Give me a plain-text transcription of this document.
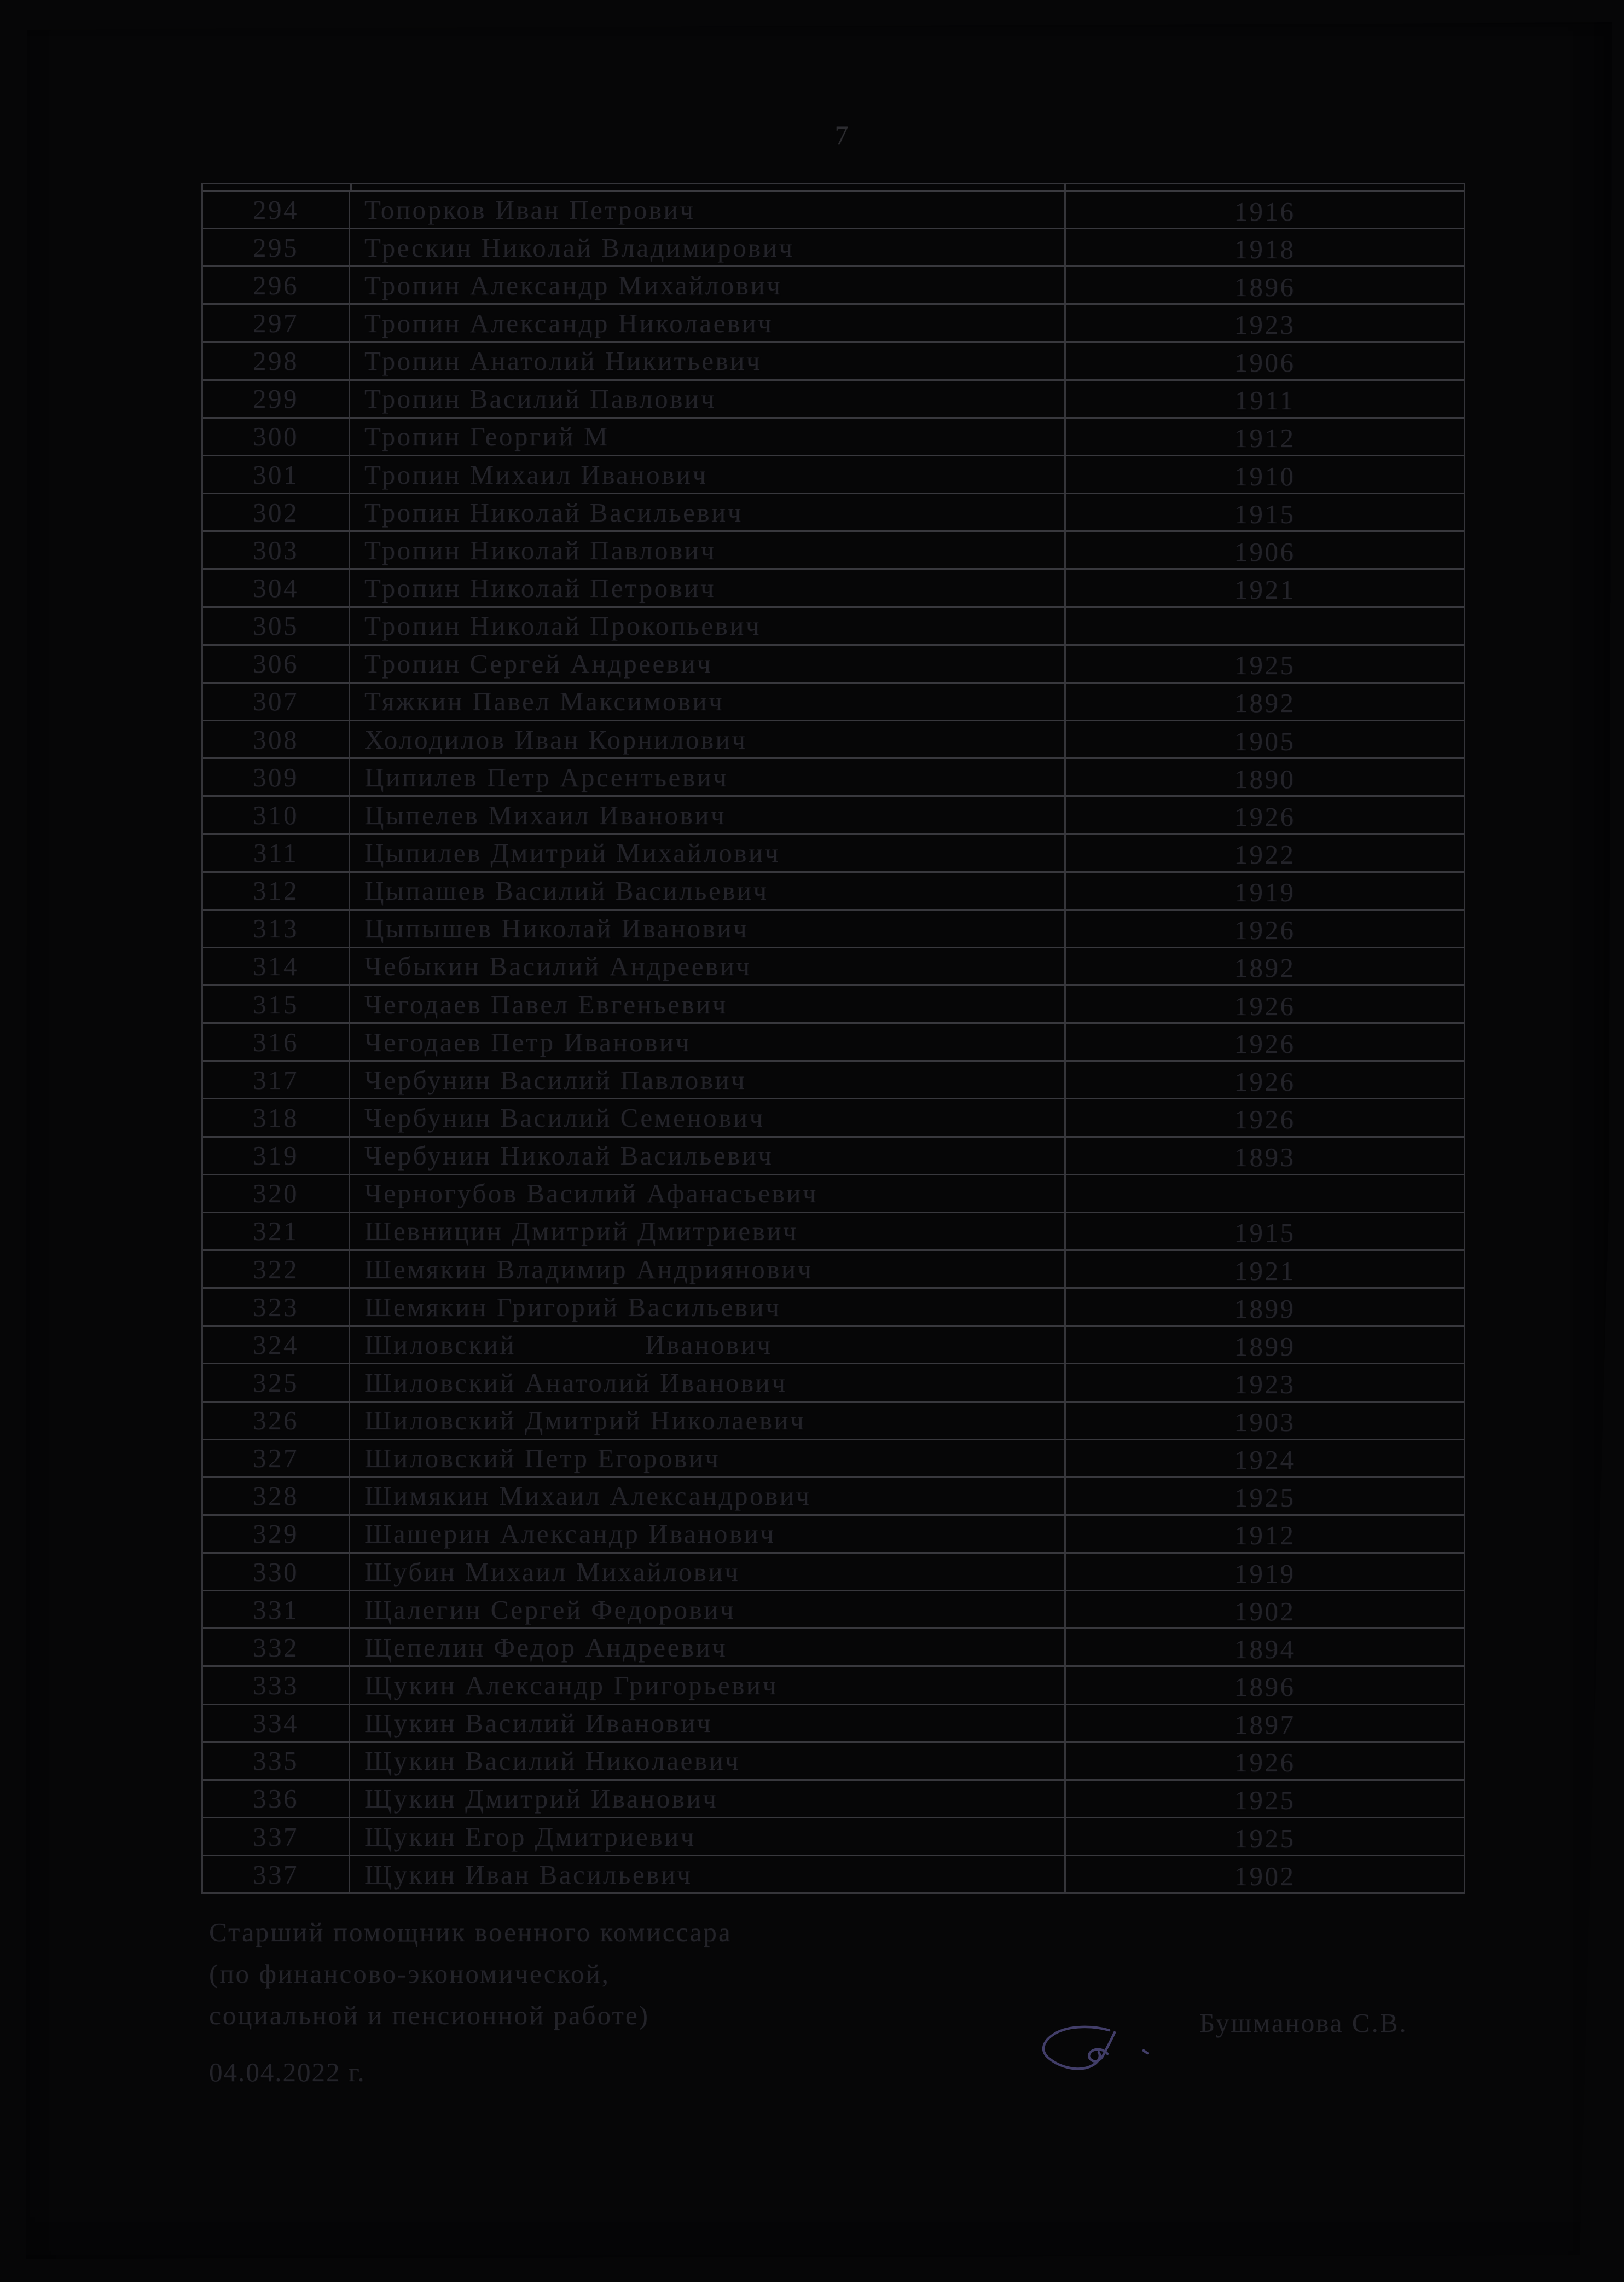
7
294	Топорков Иван Петрович	1916
295	Трескин Николай Владимирович	1918
296	Тропин Александр Михайлович	1896
297	Тропин Александр Николаевич	1923
298	Тропин Анатолий Никитьевич	1906
299	Тропин Василий Павлович	1911
300	Тропин Георгий М	1912
301	Тропин Михаил Иванович	1910
302	Тропин Николай Васильевич	1915
303	Тропин Николай Павлович	1906
304	Тропин Николай Петрович	1921
305	Тропин Николай Прокопьевич
306	Тропин Сергей Андреевич	1925
307	Тяжкин Павел Максимович	1892
308	Холодилов Иван Корнилович	1905
309	Ципилев Петр Арсентьевич	1890
310	Цыпелев Михаил Иванович	1926
311	Цыпилев Дмитрий Михайлович	1922
312	Цыпашев Василий Васильевич	1919
313	Цыпышев Николай Иванович	1926
314	Чебыкин Василий Андреевич	1892
315	Чегодаев Павел Евгеньевич	1926
316	Чегодаев Петр Иванович	1926
317	Чербунин Василий Павлович	1926
318	Чербунин Василий Семенович	1926
319	Чербунин Николай Васильевич	1893
320	Черногубов Василий Афанасьевич
321	Шевницин Дмитрий Дмитриевич	1915
322	Шемякин Владимир Андриянович	1921
323	Шемякин Григорий Васильевич	1899
324	Шиловский               Иванович	1899
325	Шиловский Анатолий Иванович	1923
326	Шиловский Дмитрий Николаевич	1903
327	Шиловский Петр Егорович	1924
328	Шимякин Михаил Александрович	1925
329	Шашерин Александр Иванович	1912
330	Шубин Михаил Михайлович	1919
331	Щалегин Сергей Федорович	1902
332	Щепелин Федор Андреевич	1894
333	Щукин Александр Григорьевич	1896
334	Щукин Василий Иванович	1897
335	Щукин Василий Николаевич	1926
336	Щукин Дмитрий Иванович	1925
337	Щукин Егор Дмитриевич	1925
337	Щукин Иван Васильевич	1902
Старший помощник военного комиссара
(по финансово-экономической,
социальной и пенсионной работе)	Бушманова С.В.
04.04.2022 г.
